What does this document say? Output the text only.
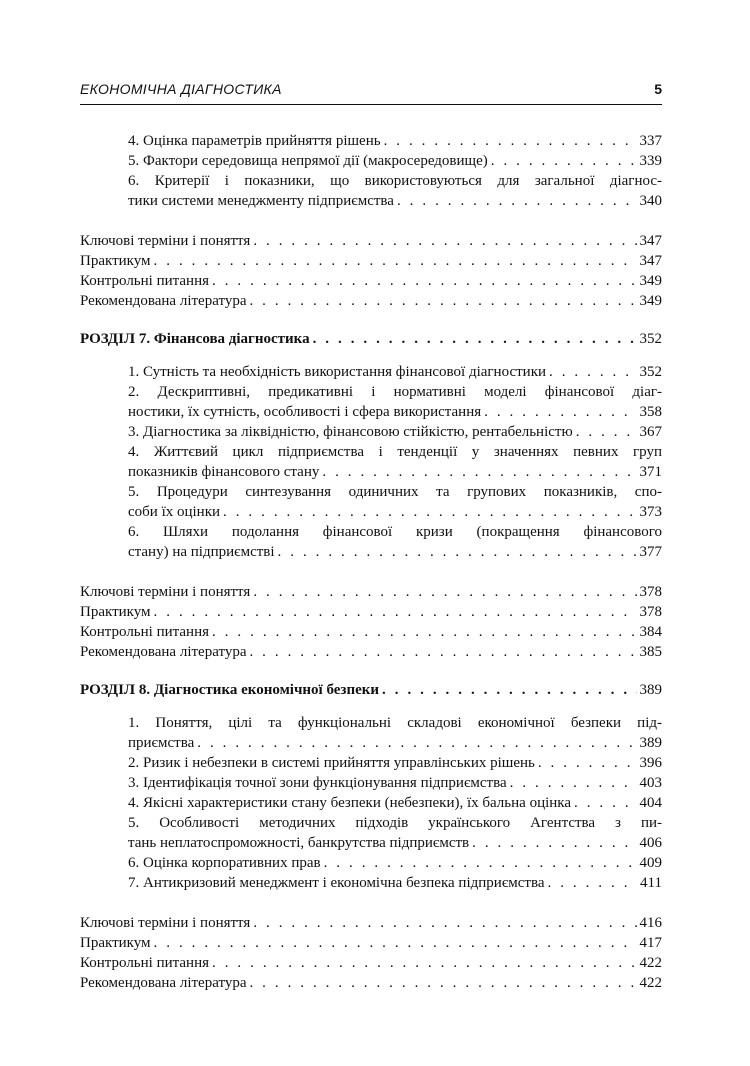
ЕКОНОМІЧНА ДІАГНОСТИКА	5
4. Оцінка параметрів прийняття рішень . . .	337
5. Фактори середовища непрямої дії (макросередовище) . . .	339
6. Критерії і показники, що використовуються для загальної діагнос-
тики системи менеджменту підприємства . . .	340
Ключові терміни і поняття . . .	347
Практикум . . .	347
Контрольні питання . . .	349
Рекомендована література . . .	349
РОЗДІЛ 7. Фінансова діагностика . . .	352
1. Сутність та необхідність використання фінансової діагностики . . .	352
2. Дескриптивні, предикативні і нормативні моделі фінансової діаг-
ностики, їх сутність, особливості і сфера використання . . .	358
3. Діагностика за ліквідністю, фінансовою стійкістю, рентабельністю . . .	367
4. Життєвий цикл підприємства і тенденції у значеннях певних груп
показників фінансового стану . . .	371
5. Процедури синтезування одиничних та групових показників, спо-
соби їх оцінки . . .	373
6. Шляхи подолання фінансової кризи (покращення фінансового
стану) на підприємстві . . .	377
Ключові терміни і поняття . . .	378
Практикум . . .	378
Контрольні питання . . .	384
Рекомендована література . . .	385
РОЗДІЛ 8. Діагностика економічної безпеки . . .	389
1. Поняття, цілі та функціональні складові економічної безпеки під-
приємства . . .	389
2. Ризик і небезпеки в системі прийняття управлінських рішень . . .	396
3. Ідентифікація точної зони функціонування підприємства . . .	403
4. Якісні характеристики стану безпеки (небезпеки), їх бальна оцінка . . .	404
5. Особливості методичних підходів українського Агентства з пи-
тань неплатоспроможності, банкрутства підприємств . . .	406
6. Оцінка корпоративних прав . . .	409
7. Антикризовий менеджмент і економічна безпека підприємства . . .	411
Ключові терміни і поняття . . .	416
Практикум . . .	417
Контрольні питання . . .	422
Рекомендована література . . .	422
